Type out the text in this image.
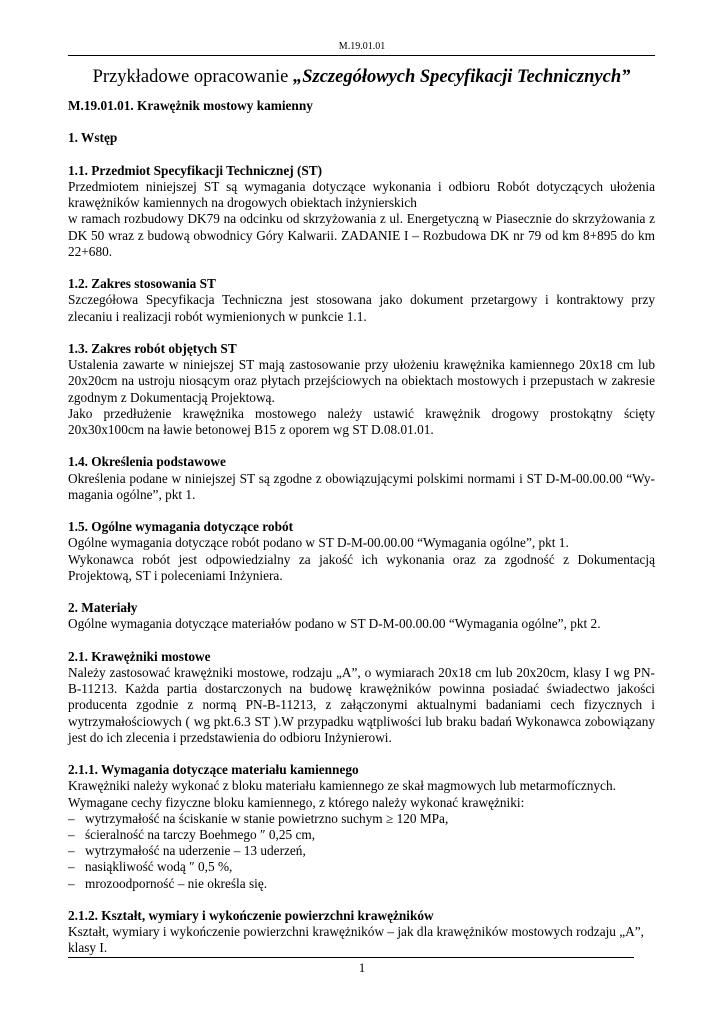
M.19.01.01
Przykładowe opracowanie „Szczegółowych Specyfikacji Technicznych”
M.19.01.01. Krawężnik mostowy kamienny
1. Wstęp
1.1. Przedmiot Specyfikacji Technicznej (ST)
Przedmiotem niniejszej ST są wymagania dotyczące wykonania i odbioru Robót dotyczących ułożenia
krawężników kamiennych na drogowych obiektach inżynierskich
w ramach rozbudowy DK79 na odcinku od skrzyżowania z ul. Energetyczną w Piasecznie do skrzyżowania z
DK 50 wraz z budową obwodnicy Góry Kalwarii. ZADANIE I – Rozbudowa DK nr 79 od km 8+895 do km
22+680.
1.2. Zakres stosowania ST
Szczegółowa Specyfikacja Techniczna jest stosowana jako dokument przetargowy i kontraktowy przy
zlecaniu i realizacji robót wymienionych w punkcie 1.1.
1.3. Zakres robót objętych ST
Ustalenia zawarte w niniejszej ST mają zastosowanie przy ułożeniu krawężnika kamiennego 20x18 cm lub
20x20cm na ustroju niosącym oraz płytach przejściowych na obiektach mostowych i przepustach w zakresie
zgodnym z Dokumentacją Projektową.
Jako przedłużenie krawężnika mostowego należy ustawić krawężnik drogowy prostokątny ścięty
20x30x100cm na ławie betonowej B15 z oporem wg ST D.08.01.01.
1.4. Określenia podstawowe
Określenia podane w niniejszej ST są zgodne z obowiązującymi polskimi normami i ST D-M-00.00.00 “Wy-
magania ogólne”, pkt 1.
1.5. Ogólne wymagania dotyczące robót
Ogólne wymagania dotyczące robót podano w ST D-M-00.00.00 “Wymagania ogólne”, pkt 1.
Wykonawca robót jest odpowiedzialny za jakość ich wykonania oraz za zgodność z Dokumentacją
Projektową, ST i poleceniami Inżyniera.
2. Materiały
Ogólne wymagania dotyczące materiałów podano w ST D-M-00.00.00 “Wymagania ogólne”, pkt 2.
2.1. Krawężniki mostowe
Należy zastosować krawężniki mostowe, rodzaju „A”, o wymiarach 20x18 cm lub 20x20cm, klasy I wg PN-
B-11213. Każda partia dostarczonych na budowę krawężników powinna posiadać świadectwo jakości
producenta zgodnie z normą PN-B-11213, z załączonymi aktualnymi badaniami cech fizycznych i
wytrzymałościowych ( wg pkt.6.3 ST ).W przypadku wątpliwości lub braku badań Wykonawca zobowiązany
jest do ich zlecenia i przedstawienia do odbioru Inżynierowi.
2.1.1. Wymagania dotyczące materiału kamiennego
Krawężniki należy wykonać z bloku materiału kamiennego ze skał magmowych lub metarmofícznych.
Wymagane cechy fizyczne bloku kamiennego, z którego należy wykonać krawężniki:
– wytrzymałość na ściskanie w stanie powietrzno suchym ≥ 120 MPa,
– ścieralność na tarczy Boehmego ″ 0,25 cm,
– wytrzymałość na uderzenie – 13 uderzeń,
– nasiąkliwość wodą ″ 0,5 %,
– mrozoodporność – nie określa się.
2.1.2. Kształt, wymiary i wykończenie powierzchni krawężników
Kształt, wymiary i wykończenie powierzchni krawężników – jak dla krawężników mostowych rodzaju „A”,
klasy I.
1
